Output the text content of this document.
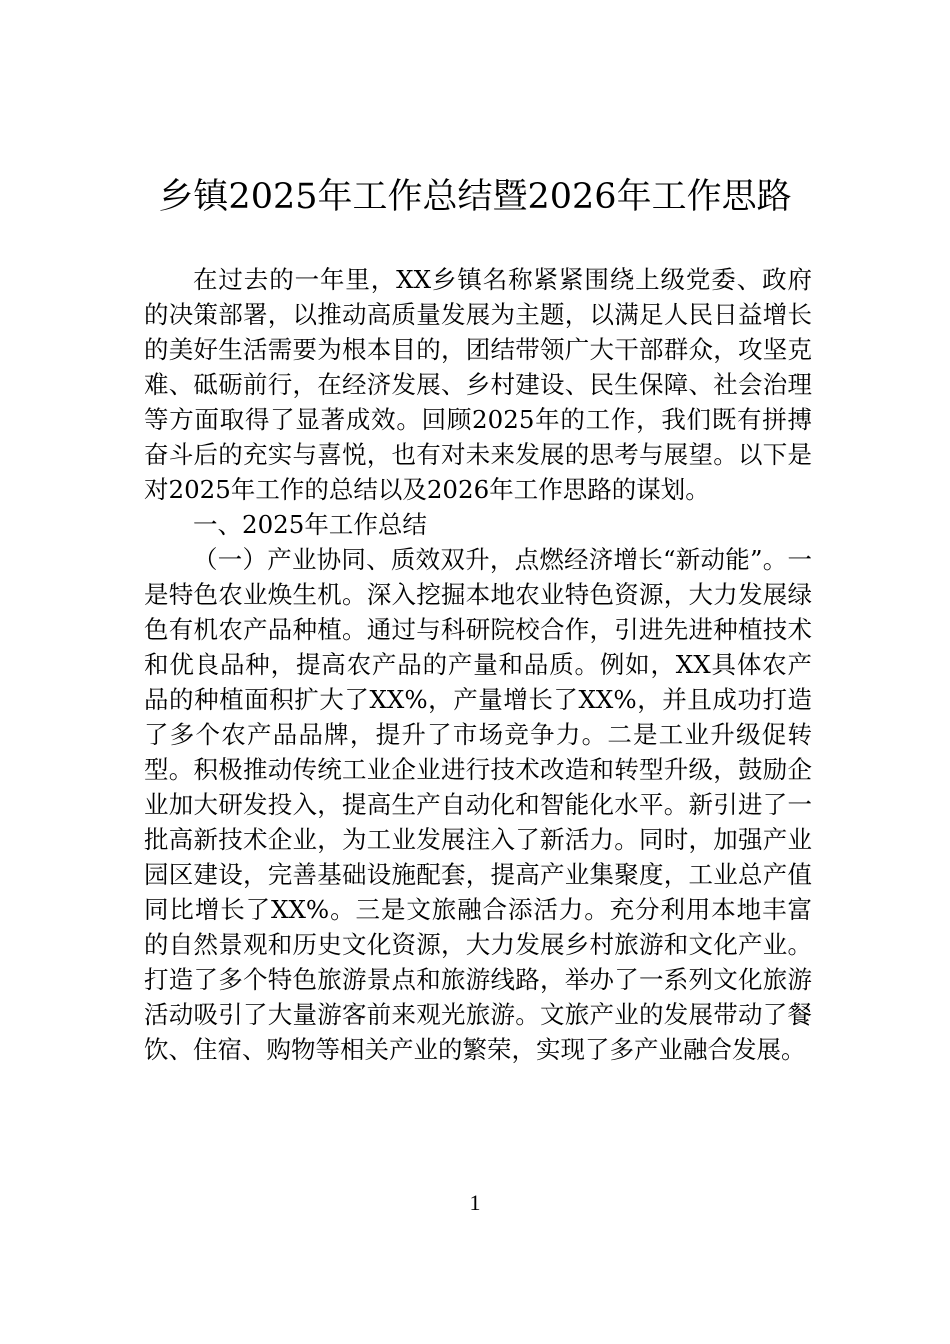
乡镇2025年工作总结暨2026年工作思路

在过去的一年里，XX乡镇名称紧紧围绕上级党委、政府的决策部署，以推动高质量发展为主题，以满足人民日益增长的美好生活需要为根本目的，团结带领广大干部群众，攻坚克难、砥砺前行，在经济发展、乡村建设、民生保障、社会治理等方面取得了显著成效。回顾2025年的工作，我们既有拼搏奋斗后的充实与喜悦，也有对未来发展的思考与展望。以下是对2025年工作的总结以及2026年工作思路的谋划。

一、2025年工作总结

（一）产业协同、质效双升，点燃经济增长“新动能”。一是特色农业焕生机。深入挖掘本地农业特色资源，大力发展绿色有机农产品种植。通过与科研院校合作，引进先进种植技术和优良品种，提高农产品的产量和品质。例如，XX具体农产品的种植面积扩大了XX%，产量增长了XX%，并且成功打造了多个农产品品牌，提升了市场竞争力。二是工业升级促转型。积极推动传统工业企业进行技术改造和转型升级，鼓励企业加大研发投入，提高生产自动化和智能化水平。新引进了一批高新技术企业，为工业发展注入了新活力。同时，加强产业园区建设，完善基础设施配套，提高产业集聚度，工业总产值同比增长了XX%。三是文旅融合添活力。充分利用本地丰富的自然景观和历史文化资源，大力发展乡村旅游和文化产业。打造了多个特色旅游景点和旅游线路，举办了一系列文化旅游活动吸引了大量游客前来观光旅游。文旅产业的发展带动了餐饮、住宿、购物等相关产业的繁荣，实现了多产业融合发展。

1
